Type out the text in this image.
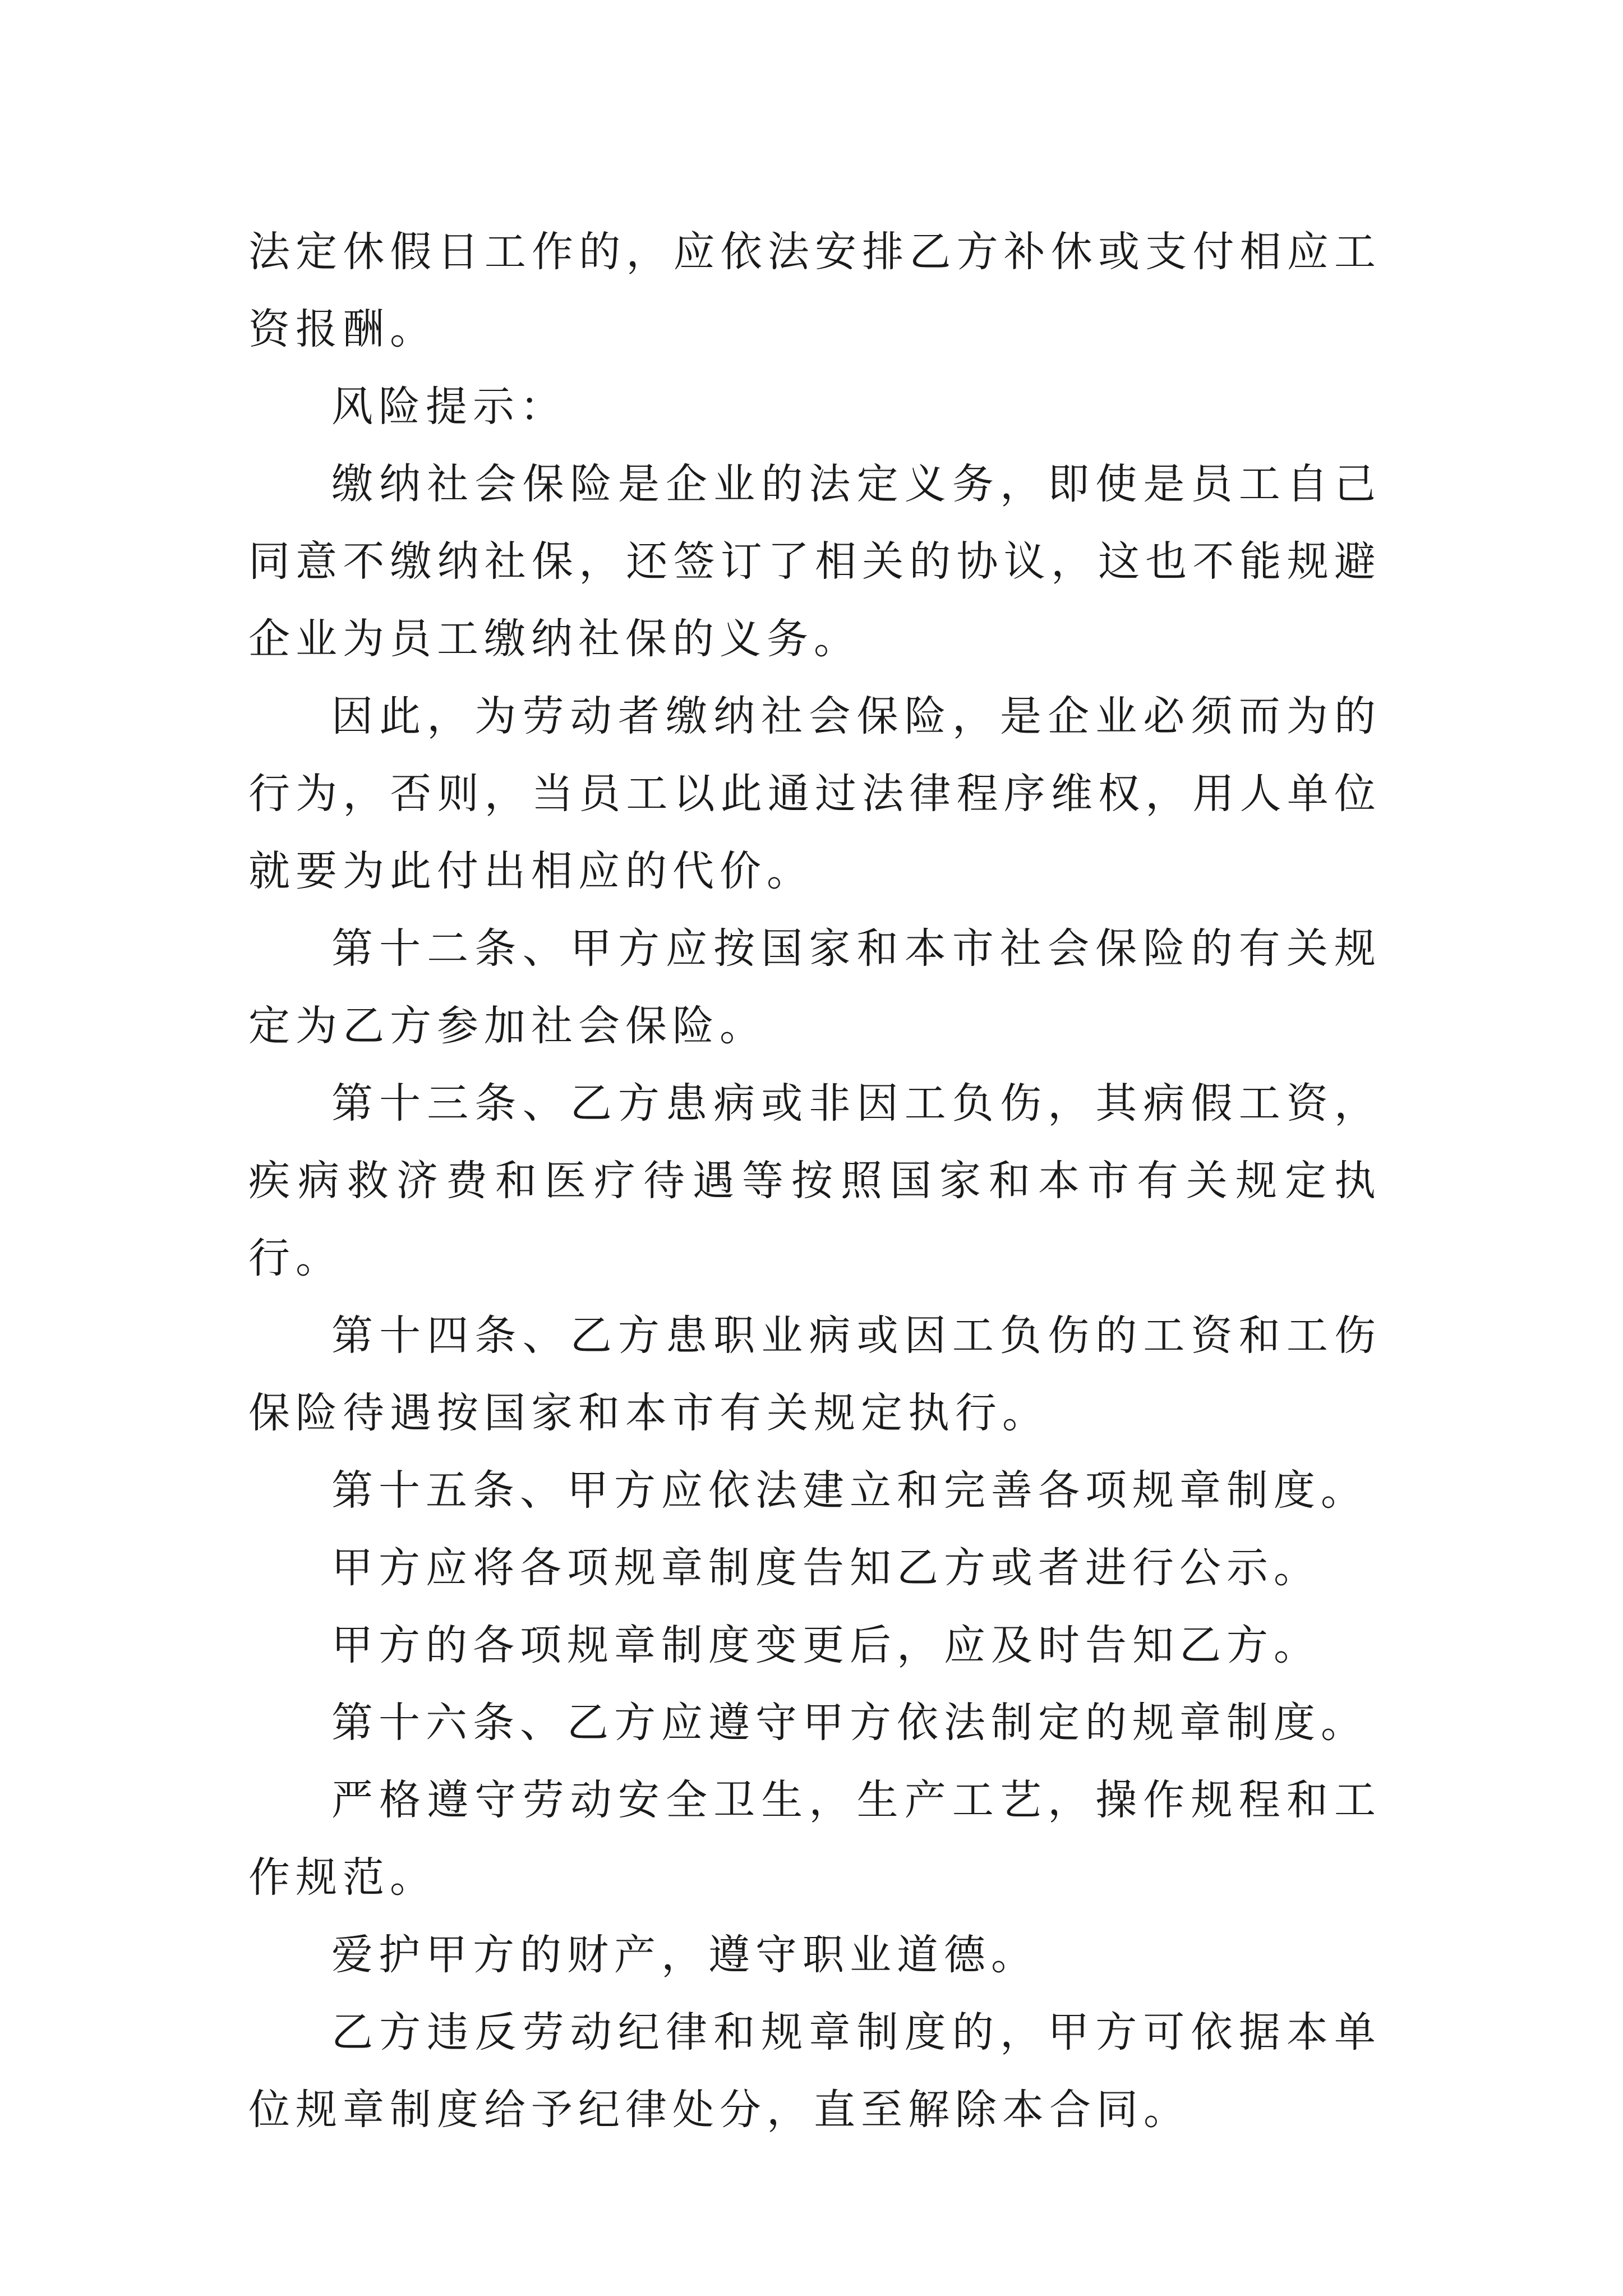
法定休假日工作的，应依法安排乙方补休或支付相应工资报酬。

风险提示：

缴纳社会保险是企业的法定义务，即使是员工自己同意不缴纳社保，还签订了相关的协议，这也不能规避企业为员工缴纳社保的义务。

因此，为劳动者缴纳社会保险，是企业必须而为的行为，否则，当员工以此通过法律程序维权，用人单位就要为此付出相应的代价。

第十二条、甲方应按国家和本市社会保险的有关规定为乙方参加社会保险。

第十三条、乙方患病或非因工负伤，其病假工资，疾病救济费和医疗待遇等按照国家和本市有关规定执行。

第十四条、乙方患职业病或因工负伤的工资和工伤保险待遇按国家和本市有关规定执行。

第十五条、甲方应依法建立和完善各项规章制度。

甲方应将各项规章制度告知乙方或者进行公示。

甲方的各项规章制度变更后，应及时告知乙方。

第十六条、乙方应遵守甲方依法制定的规章制度。

严格遵守劳动安全卫生，生产工艺，操作规程和工作规范。

爱护甲方的财产，遵守职业道德。

乙方违反劳动纪律和规章制度的，甲方可依据本单位规章制度给予纪律处分，直至解除本合同。
